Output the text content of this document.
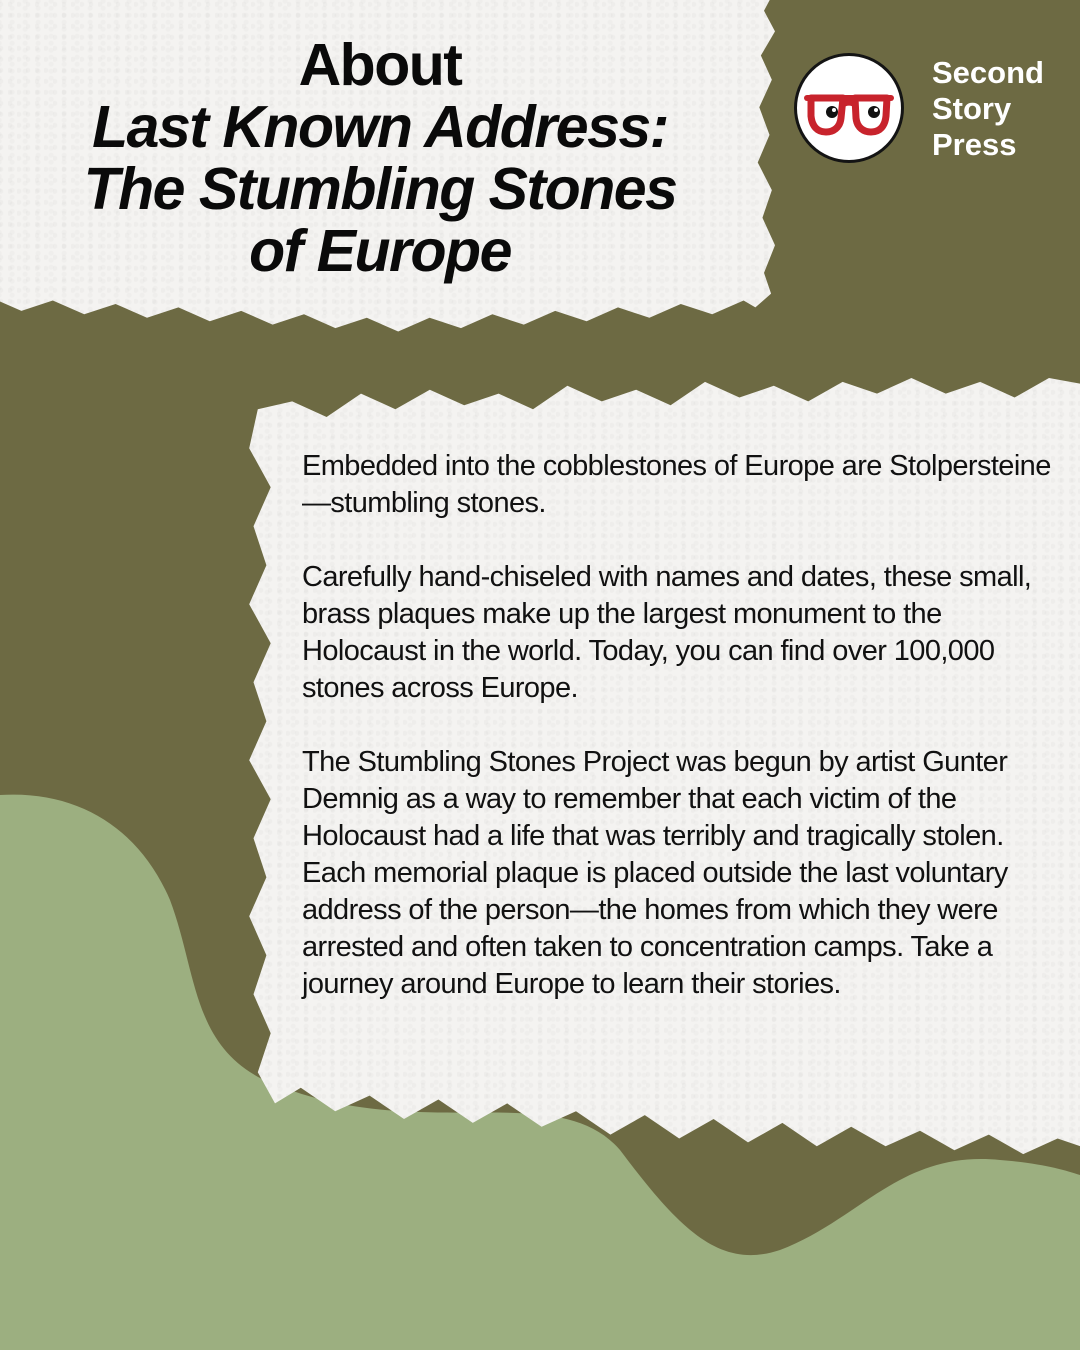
About
Last Known Address:
The Stumbling Stones
of Europe
Second
Story
Press

Embedded into the cobblestones of Europe are Stolpersteine—stumbling stones.

Carefully hand-chiseled with names and dates, these small, brass plaques make up the largest monument to the Holocaust in the world. Today, you can find over 100,000 stones across Europe.

The Stumbling Stones Project was begun by artist Gunter Demnig as a way to remember that each victim of the Holocaust had a life that was terribly and tragically stolen. Each memorial plaque is placed outside the last voluntary address of the person—the homes from which they were arrested and often taken to concentration camps. Take a journey around Europe to learn their stories.
